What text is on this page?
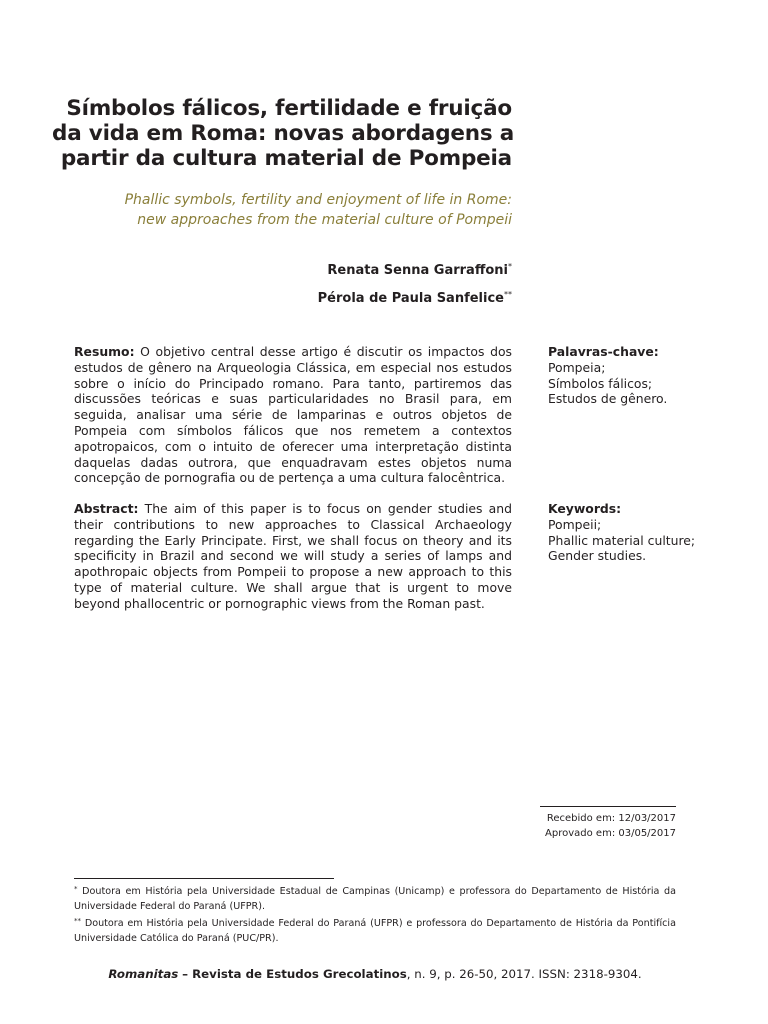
Símbolos fálicos, fertilidade e fruição
da vida em Roma: novas abordagens a
partir da cultura material de Pompeia
Phallic symbols, fertility and enjoyment of life in Rome:
new approaches from the material culture of Pompeii
Renata Senna Garraffoni*
Pérola de Paula Sanfelice**
Resumo: O objetivo central desse artigo é discutir os impactos dos estudos de gênero na Arqueologia Clássica, em especial nos estudos sobre o início do Principado romano. Para tanto, partiremos das discussões teóricas e suas particularidades no Brasil para, em seguida, analisar uma série de lamparinas e outros objetos de Pompeia com símbolos fálicos que nos remetem a contextos apotropaicos, com o intuito de oferecer uma interpretação distinta daquelas dadas outrora, que enquadravam estes objetos numa concepção de pornografia ou de pertença a uma cultura falocêntrica.
Palavras-chave:
Pompeia;
Símbolos fálicos;
Estudos de gênero.
Abstract: The aim of this paper is to focus on gender studies and their contributions to new approaches to Classical Archaeology regarding the Early Principate. First, we shall focus on theory and its specificity in Brazil and second we will study a series of lamps and apothropaic objects from Pompeii to propose a new approach to this type of material culture. We shall argue that is urgent to move beyond phallocentric or pornographic views from the Roman past.
Keywords:
Pompeii;
Phallic material culture;
Gender studies.
Recebido em: 12/03/2017
Aprovado em: 03/05/2017

* Doutora em História pela Universidade Estadual de Campinas (Unicamp) e professora do Departamento de História da Universidade Federal do Paraná (UFPR).

** Doutora em História pela Universidade Federal do Paraná (UFPR) e professora do Departamento de História da Pontifícia Universidade Católica do Paraná (PUC/PR).

Romanitas – Revista de Estudos Grecolatinos, n. 9, p. 26-50, 2017. ISSN: 2318-9304.
